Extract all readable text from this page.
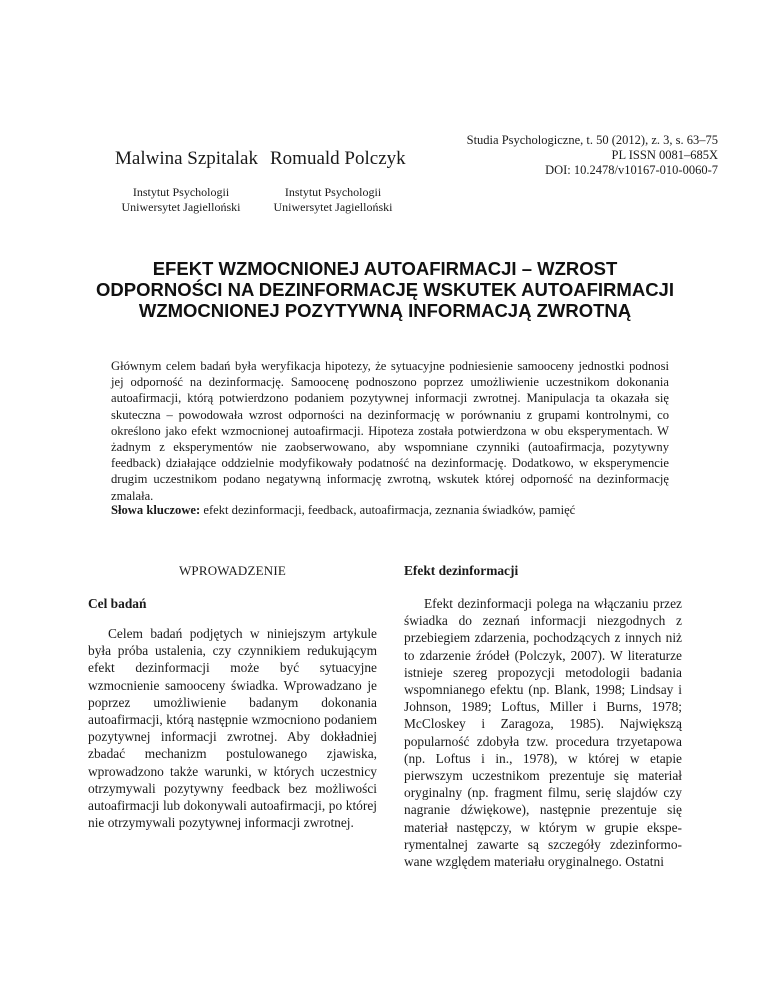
Studia Psychologiczne, t. 50 (2012), z. 3, s. 63–75
PL ISSN 0081–685X
DOI: 10.2478/v10167-010-0060-7
Malwina Szpitalak Romuald Polczyk
Instytut Psychologii
Uniwersytet Jagielloński
Instytut Psychologii
Uniwersytet Jagielloński
EFEKT WZMOCNIONEJ AUTOAFIRMACJI – WZROST
ODPORNOŚCI NA DEZINFORMACJĘ WSKUTEK AUTOAFIRMACJI
WZMOCNIONEJ POZYTYWNĄ INFORMACJĄ ZWROTNĄ
Głównym celem badań była weryfikacja hipotezy, że sytuacyjne podniesienie samooceny jednostki podnosi jej odporność na dezinformację. Samoocenę podnoszono poprzez umożliwienie uczestnikom dokonania autoafirmacji, którą potwierdzono podaniem pozytywnej informacji zwrotnej. Manipulacja ta okazała się skuteczna – powodowała wzrost odporności na dezinformację w porównaniu z grupami kontrolnymi, co określono jako efekt wzmocnionej autoafirmacji. Hipoteza została potwierdzona w obu eksperymentach. W żadnym z eksperymentów nie zaobserwowano, aby wspomniane czynniki (autoafirmacja, pozytywny feedback) działające oddzielnie modyfikowały podatność na dezinformację. Dodatkowo, w eksperymencie drugim uczestnikom podano negatywną informację zwrotną, wskutek której odporność na dezinformację zmalała.
Słowa kluczowe: efekt dezinformacji, feedback, autoafirmacja, zeznania świadków, pamięć
WPROWADZENIE
Cel badań
Celem badań podjętych w niniejszym artykule była próba ustalenia, czy czynnikiem redukującym efekt dezinformacji może być sytuacyjne wzmocnienie samooceny świadka. Wprowadzano je poprzez umożliwienie badanym dokonania autoafirmacji, którą następnie wzmocniono podaniem pozytywnej informacji zwrotnej. Aby dokładniej zbadać mechanizm postulowanego zjawiska, wprowadzono także warunki, w których uczestnicy otrzymywali pozytywny feedback bez możliwości autoafirmacji lub dokonywali autoafirmacji, po której nie otrzymywali pozytywnej informacji zwrotnej.
Efekt dezinformacji
Efekt dezinformacji polega na włączaniu przez świadka do zeznań informacji niezgodnych z przebiegiem zdarzenia, pochodzących z innych niż to zdarzenie źródeł (Polczyk, 2007). W literaturze istnieje szereg propozycji metodologii badania wspomnianego efektu (np. Blank, 1998; Lindsay i Johnson, 1989; Loftus, Miller i Burns, 1978; McCloskey i Zaragoza, 1985). Największą popularność zdobyła tzw. procedura trzyetapowa (np. Loftus i in., 1978), w której w etapie pierwszym uczestnikom prezentuje się materiał oryginalny (np. fragment filmu, serię slajdów czy nagranie dźwiękowe), następnie prezentuje się materiał następczy, w którym w grupie eksperymentalnej zawarte są szczegóły zdezinformowane względem materiału oryginalnego. Ostatni
